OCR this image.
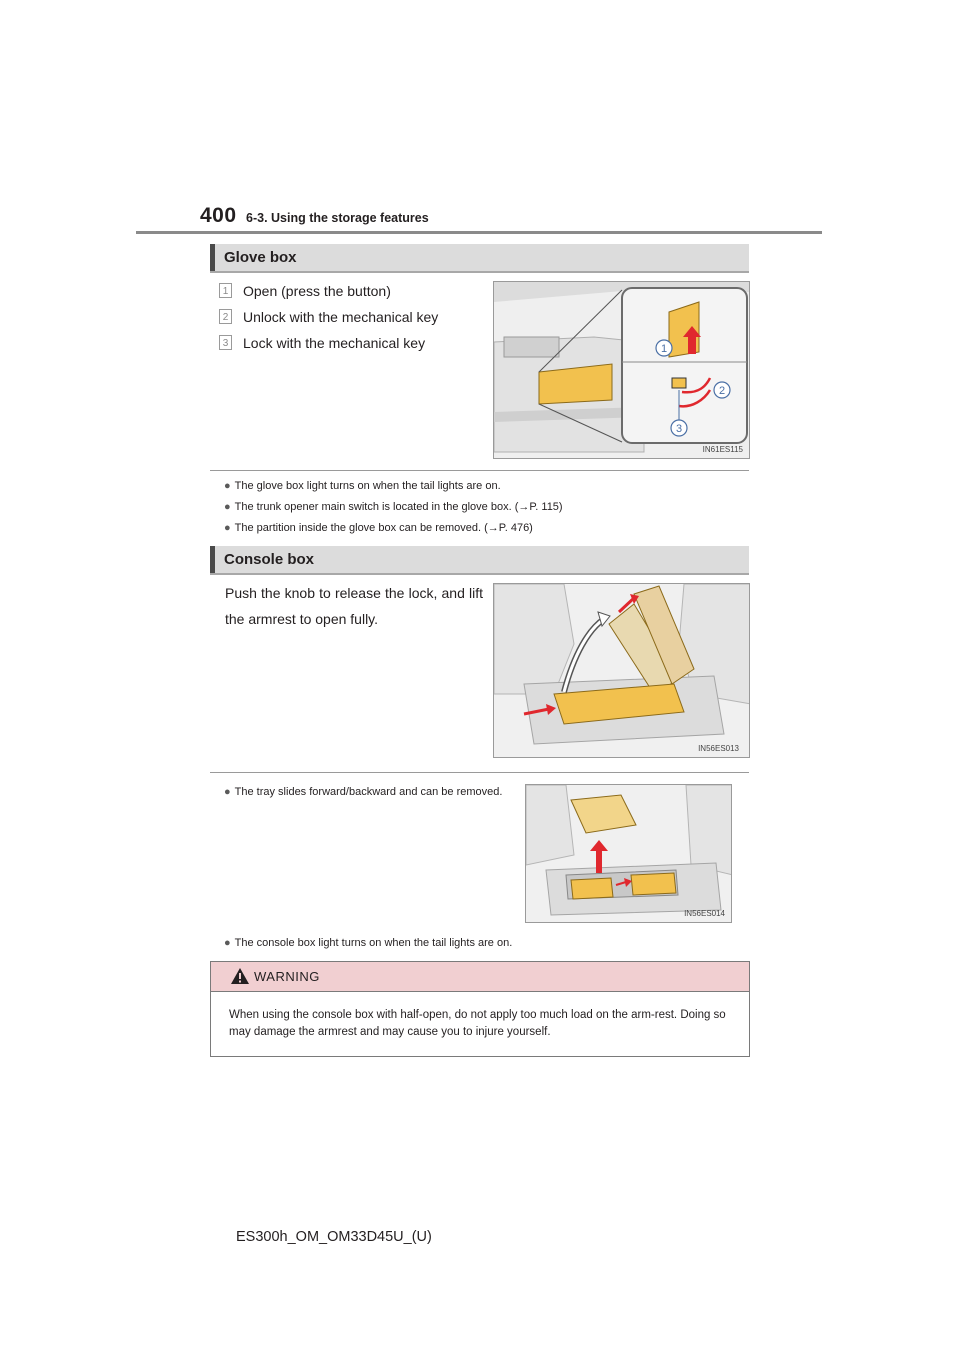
400 6-3. Using the storage features
Glove box
1 Open (press the button)
2 Unlock with the mechanical key
3 Lock with the mechanical key	1
2
3
IN61ES115
● The glove box light turns on when the tail lights are on.
● The trunk opener main switch is located in the glove box. (→P. 115)
● The partition inside the glove box can be removed. (→P. 476)
Console box
Push the knob to release the lock, and lift the armrest to open fully.
IN56ES013
● The tray slides forward/backward and can be removed.
IN56ES014
● The console box light turns on when the tail lights are on.
WARNING
When using the console box with half-open, do not apply too much load on the arm-rest. Doing so may damage the armrest and may cause you to injure yourself.
ES300h_OM_OM33D45U_(U)
